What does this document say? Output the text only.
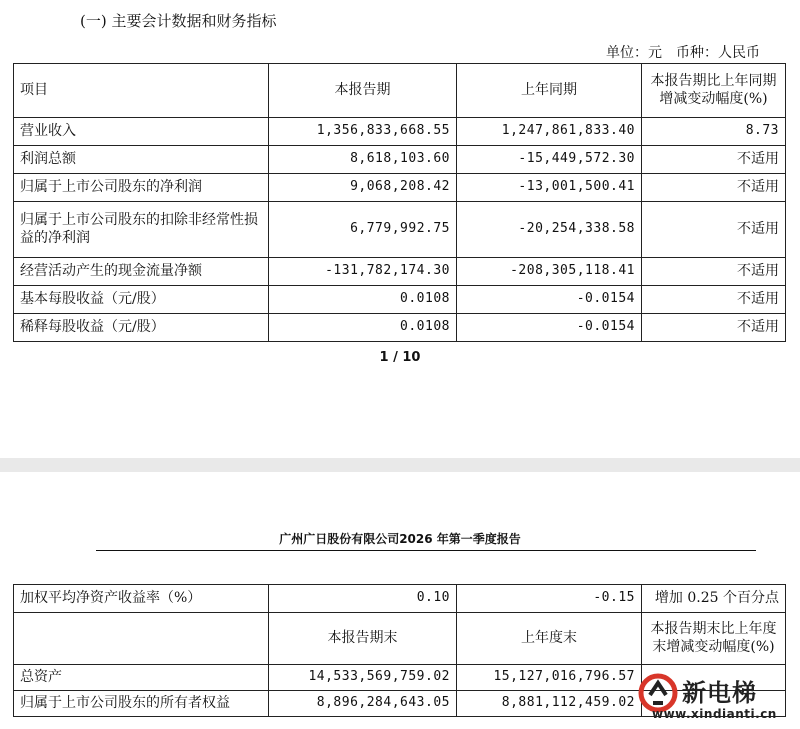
(一) 主要会计数据和财务指标
单位：元　币种：人民币
项目	本报告期	上年同期	本报告期比上年同期增减变动幅度(%)
营业收入	1,356,833,668.55	1,247,861,833.40	8.73
利润总额	8,618,103.60	-15,449,572.30	不适用
归属于上市公司股东的净利润	9,068,208.42	-13,001,500.41	不适用
归属于上市公司股东的扣除非经常性损益的净利润	6,779,992.75	-20,254,338.58	不适用
经营活动产生的现金流量净额	-131,782,174.30	-208,305,118.41	不适用
基本每股收益（元/股）	0.0108	-0.0154	不适用
稀释每股收益（元/股）	0.0108	-0.0154	不适用
1 / 10
广州广日股份有限公司2026 年第一季度报告
加权平均净资产收益率（%）	0.10	-0.15	增加 0.25 个百分点
	本报告期末	上年度末	本报告期末比上年度末增减变动幅度(%)
总资产	14,533,569,759.02	15,127,016,796.57	
归属于上市公司股东的所有者权益	8,896,284,643.05	8,881,112,459.02	新电梯
www.xindianti.cn
